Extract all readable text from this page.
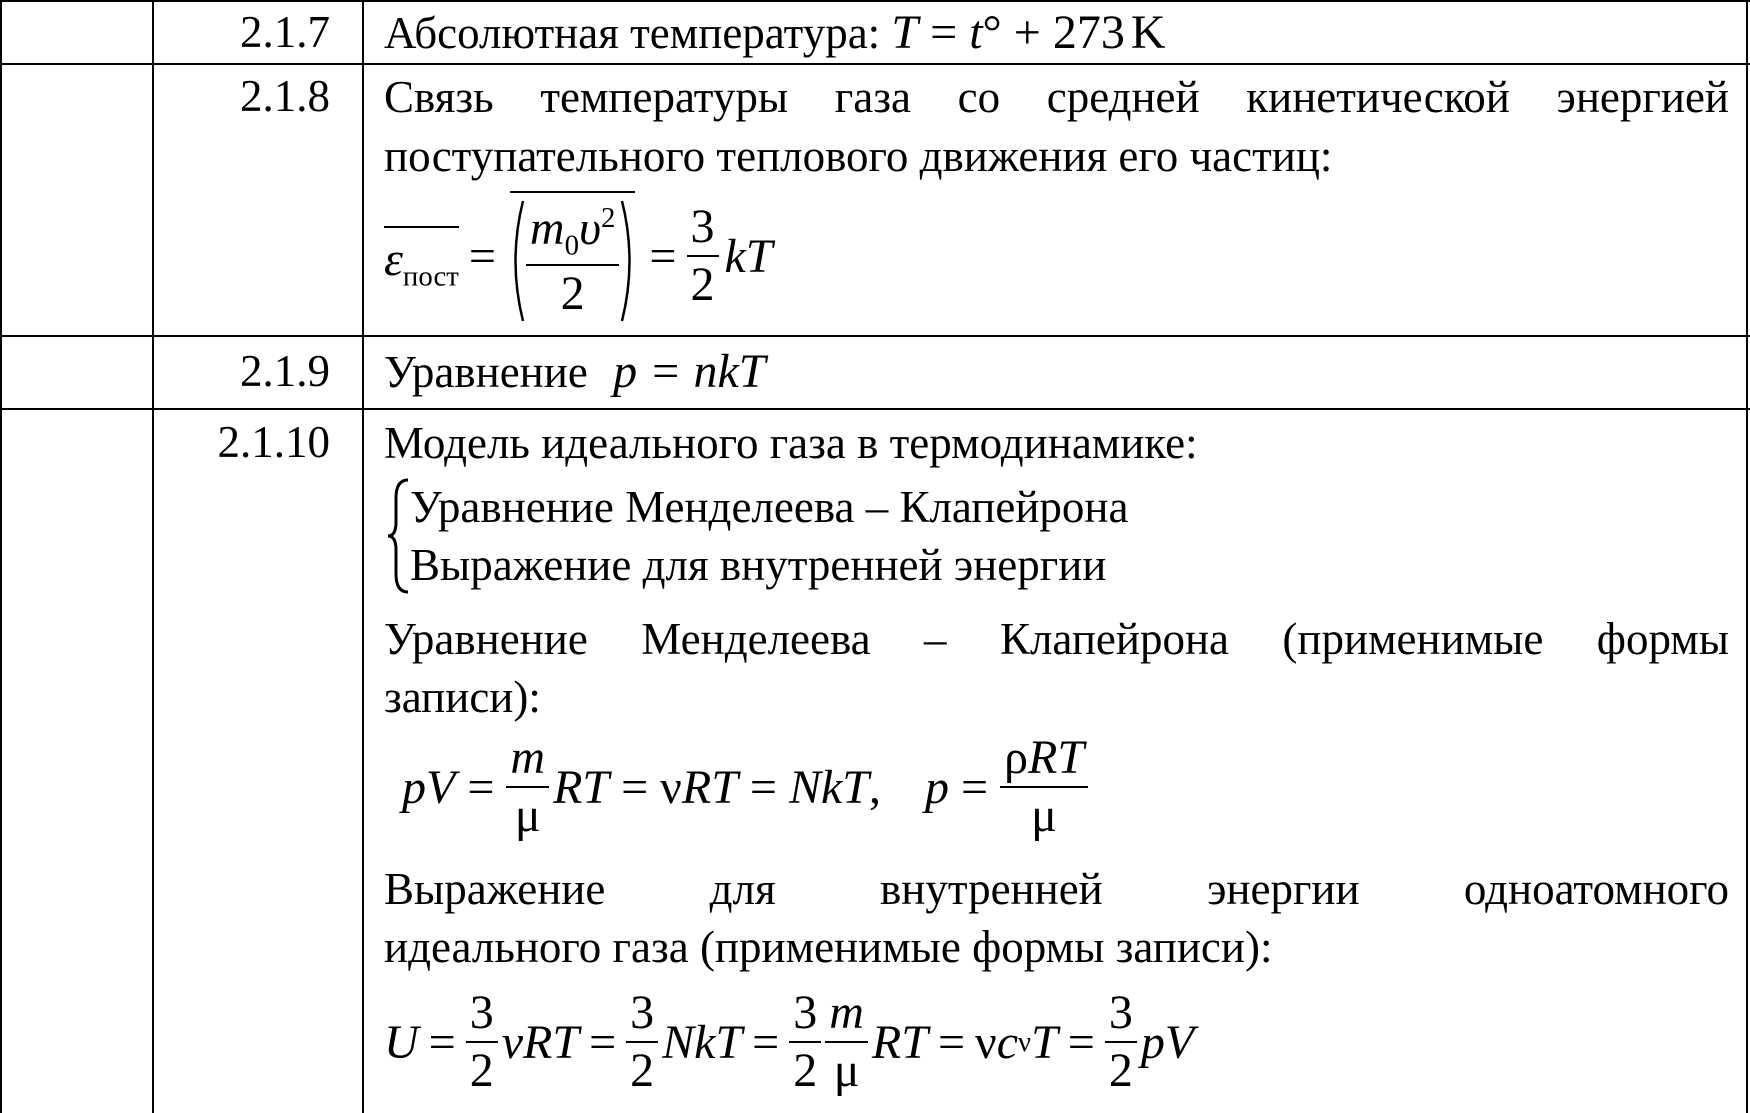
2.1.7 Абсолютная температура: T = t° + 273 K
2.1.8 Связь температуры газа со средней кинетической энергией
поступательного теплового движения его частиц:
$\varepsilon_{пост} = \frac{m_0\upsilon^2}{2} = \frac{3}{2}$ kT
2.1.9 Уравнение p = nkT
2.1.10 Модель идеального газа в термодинамике:
Уравнение Менделеева – Клапейрона
Выражение для внутренней энергии
Уравнение Менделеева – Клапейрона (применимые формы
записи):
pV = $\frac{m}{\mu}$ RT = ν RT = NkT , $p = \frac{\text{ρRT}}{\mu}$
Выражение для внутренней энергии одноатомного
идеального газа (применимые формы записи):
$U = \frac{3}{2}$ $\nu RT = \frac{3}{2}$ NkT = $\frac{3}{2} \frac{m}{\mu}$ RT = ν c ν $T = \frac{3}{2}$ pV
